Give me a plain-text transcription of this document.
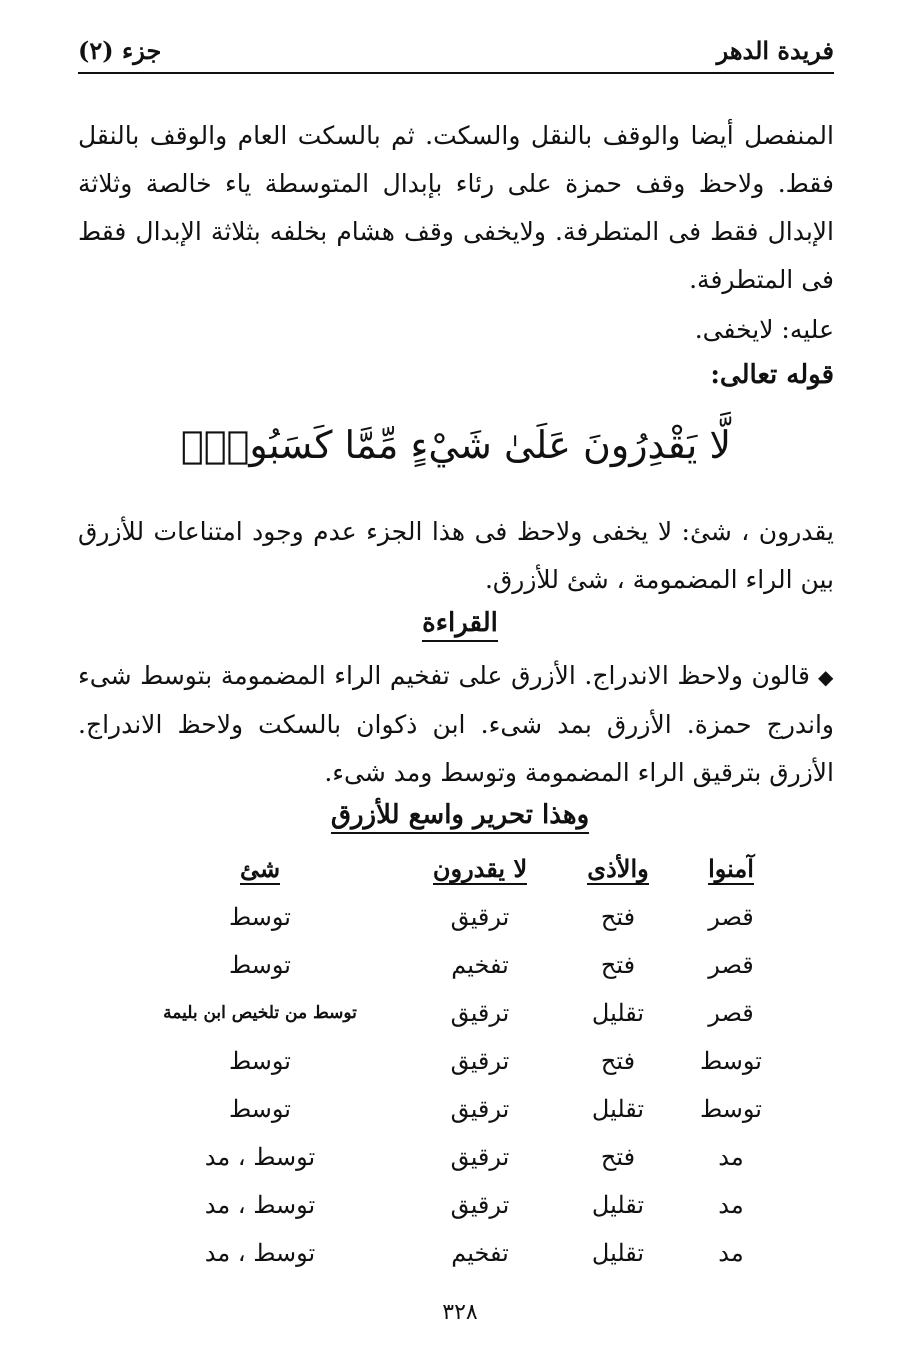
فريدة الدهر
جزء (٢)
المنفصل أيضا والوقف بالنقل والسكت. ثم بالسكت العام والوقف بالنقل فقط. ولاحظ وقف حمزة على رئاء بإبدال المتوسطة ياء خالصة وثلاثة الإبدال فقط فى المتطرفة. ولايخفى وقف هشام بخلفه بثلاثة الإبدال فقط فى المتطرفة.
عليه: لايخفى.
قوله تعالى:
لَّا يَقْدِرُونَ عَلَىٰ شَيْءٍ مِّمَّا كَسَبُوا۟ۗ
يقدرون ، شئ: لا يخفى ولاحظ فى هذا الجزء عدم وجود امتناعات للأزرق بين الراء المضمومة ، شئ للأزرق.
القراءة
◆قالون ولاحظ الاندراج. الأزرق على تفخيم الراء المضمومة بتوسط شىء واندرج حمزة. الأزرق بمد شىء. ابن ذكوان بالسكت ولاحظ الاندراج. الأزرق بترقيق الراء المضمومة وتوسط ومد شىء.
وهذا تحرير واسع للأزرق
آمنوا
والأذى
لا يقدرون
شئ
قصر
فتح
ترقيق
توسط
قصر
فتح
تفخيم
توسط
قصر
تقليل
ترقيق
توسط من تلخيص ابن بليمة
توسط
فتح
ترقيق
توسط
توسط
تقليل
ترقيق
توسط
مد
فتح
ترقيق
توسط ، مد
مد
تقليل
ترقيق
توسط ، مد
مد
تقليل
تفخيم
توسط ، مد
٣٢٨
